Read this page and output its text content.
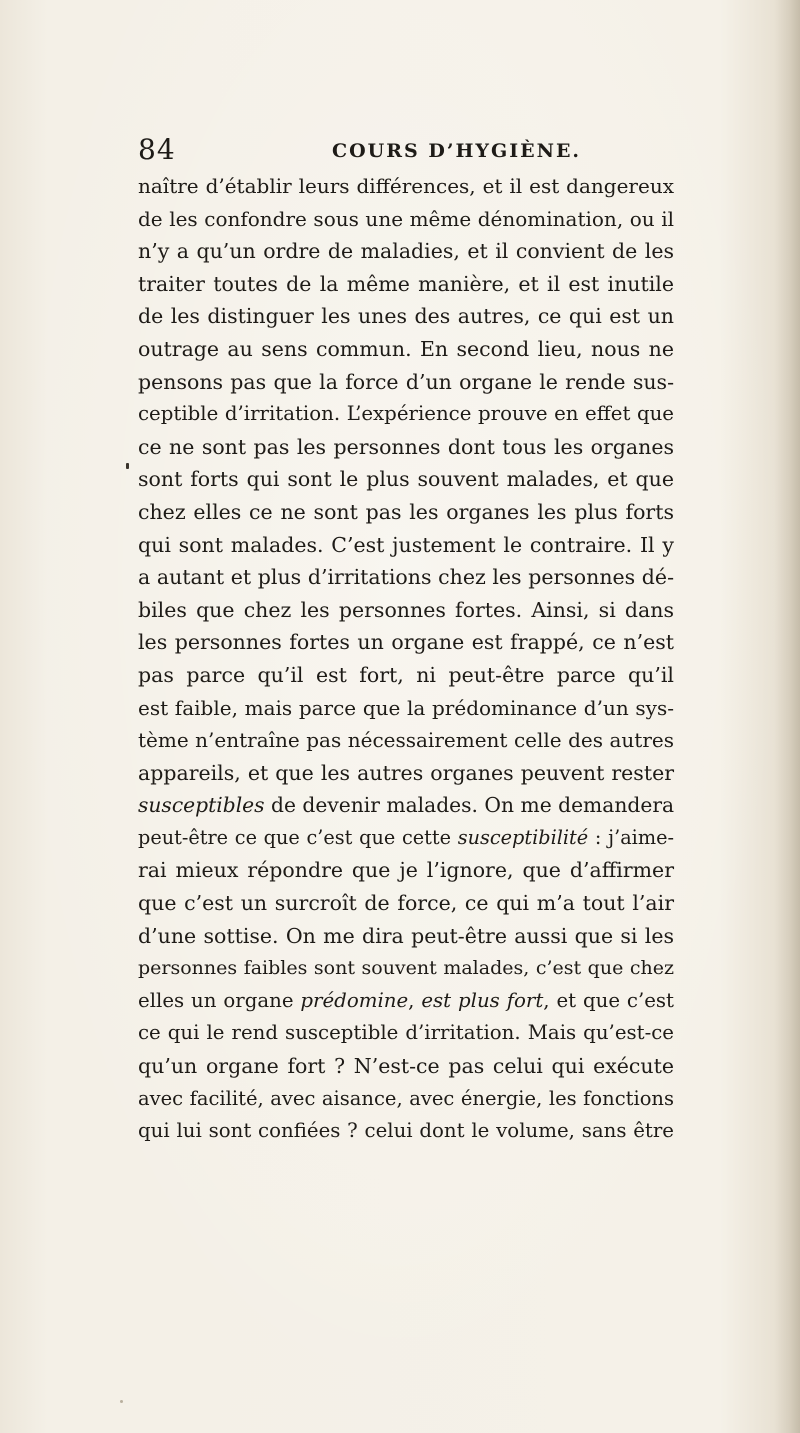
84	COURS D’HYGIÈNE.
naître d’établir leurs différences, et il est dangereux
de les confondre sous une même dénomination, ou il
n’y a qu’un ordre de maladies, et il convient de les
traiter toutes de la même manière, et il est inutile
de les distinguer les unes des autres, ce qui est un
outrage au sens commun. En second lieu, nous ne
pensons pas que la force d’un organe le rende sus-
ceptible d’irritation. L’expérience prouve en effet que
ce ne sont pas les personnes dont tous les organes
sont forts qui sont le plus souvent malades, et que
chez elles ce ne sont pas les organes les plus forts
qui sont malades. C’est justement le contraire. Il y
a autant et plus d’irritations chez les personnes dé-
biles que chez les personnes fortes. Ainsi, si dans
les personnes fortes un organe est frappé, ce n’est
pas parce qu’il est fort, ni peut-être parce qu’il
est faible, mais parce que la prédominance d’un sys-
tème n’entraîne pas nécessairement celle des autres
appareils, et que les autres organes peuvent rester
susceptibles de devenir malades. On me demandera
peut-être ce que c’est que cette susceptibilité : j’aime-
rai mieux répondre que je l’ignore, que d’affirmer
que c’est un surcroît de force, ce qui m’a tout l’air
d’une sottise. On me dira peut-être aussi que si les
personnes faibles sont souvent malades, c’est que chez
elles un organe prédomine, est plus fort, et que c’est
ce qui le rend susceptible d’irritation. Mais qu’est-ce
qu’un organe fort ? N’est-ce pas celui qui exécute
avec facilité, avec aisance, avec énergie, les fonctions
qui lui sont confiées ? celui dont le volume, sans être
